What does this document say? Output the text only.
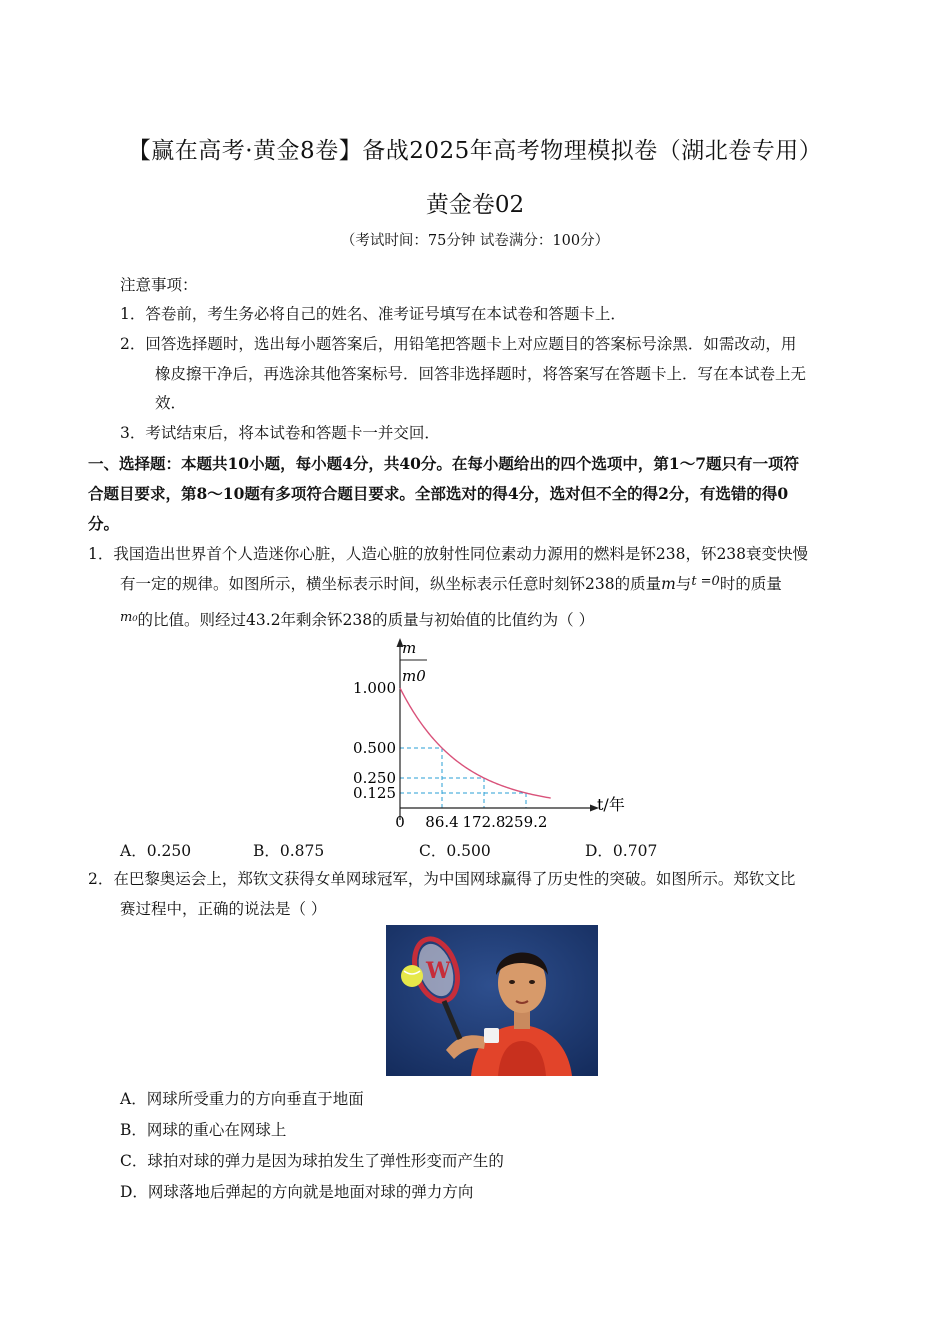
【赢在高考·黄金8卷】备战2025年高考物理模拟卷（湖北卷专用）
黄金卷02
（考试时间：75分钟 试卷满分：100分）
注意事项：
1．答卷前，考生务必将自己的姓名、准考证号填写在本试卷和答题卡上．
2．回答选择题时，选出每小题答案后，用铅笔把答题卡上对应题目的答案标号涂黑．如需改动，用
橡皮擦干净后，再选涂其他答案标号．回答非选择题时，将答案写在答题卡上．写在本试卷上无
效．
3．考试结束后，将本试卷和答题卡一并交回．
一、选择题：本题共10小题，每小题4分，共40分。在每小题给出的四个选项中，第1～7题只有一项符
合题目要求，第8～10题有多项符合题目要求。全部选对的得4分，选对但不全的得2分，有选错的得0
分。
1．我国造出世界首个人造迷你心脏，人造心脏的放射性同位素动力源用的燃料是钚238，钚238衰变快慢
有一定的规律。如图所示，横坐标表示时间，纵坐标表示任意时刻钚238的质量m与$^{t =0}$时的质量
$^{m_0}$的比值。则经过43.2年剩余钚238的质量与初始值的比值约为（ ）
m
m0
t/年
1.000
0.500
0.250
0.125
0 86.4 172.8 259.2
A．0.250	B．0.875	C．0.500	D．0.707
2．在巴黎奥运会上，郑钦文获得女单网球冠军，为中国网球赢得了历史性的突破。如图所示。郑钦文比
赛过程中，正确的说法是（ ）
W
A．网球所受重力的方向垂直于地面
B．网球的重心在网球上
C．球拍对球的弹力是因为球拍发生了弹性形变而产生的
D．网球落地后弹起的方向就是地面对球的弹力方向
